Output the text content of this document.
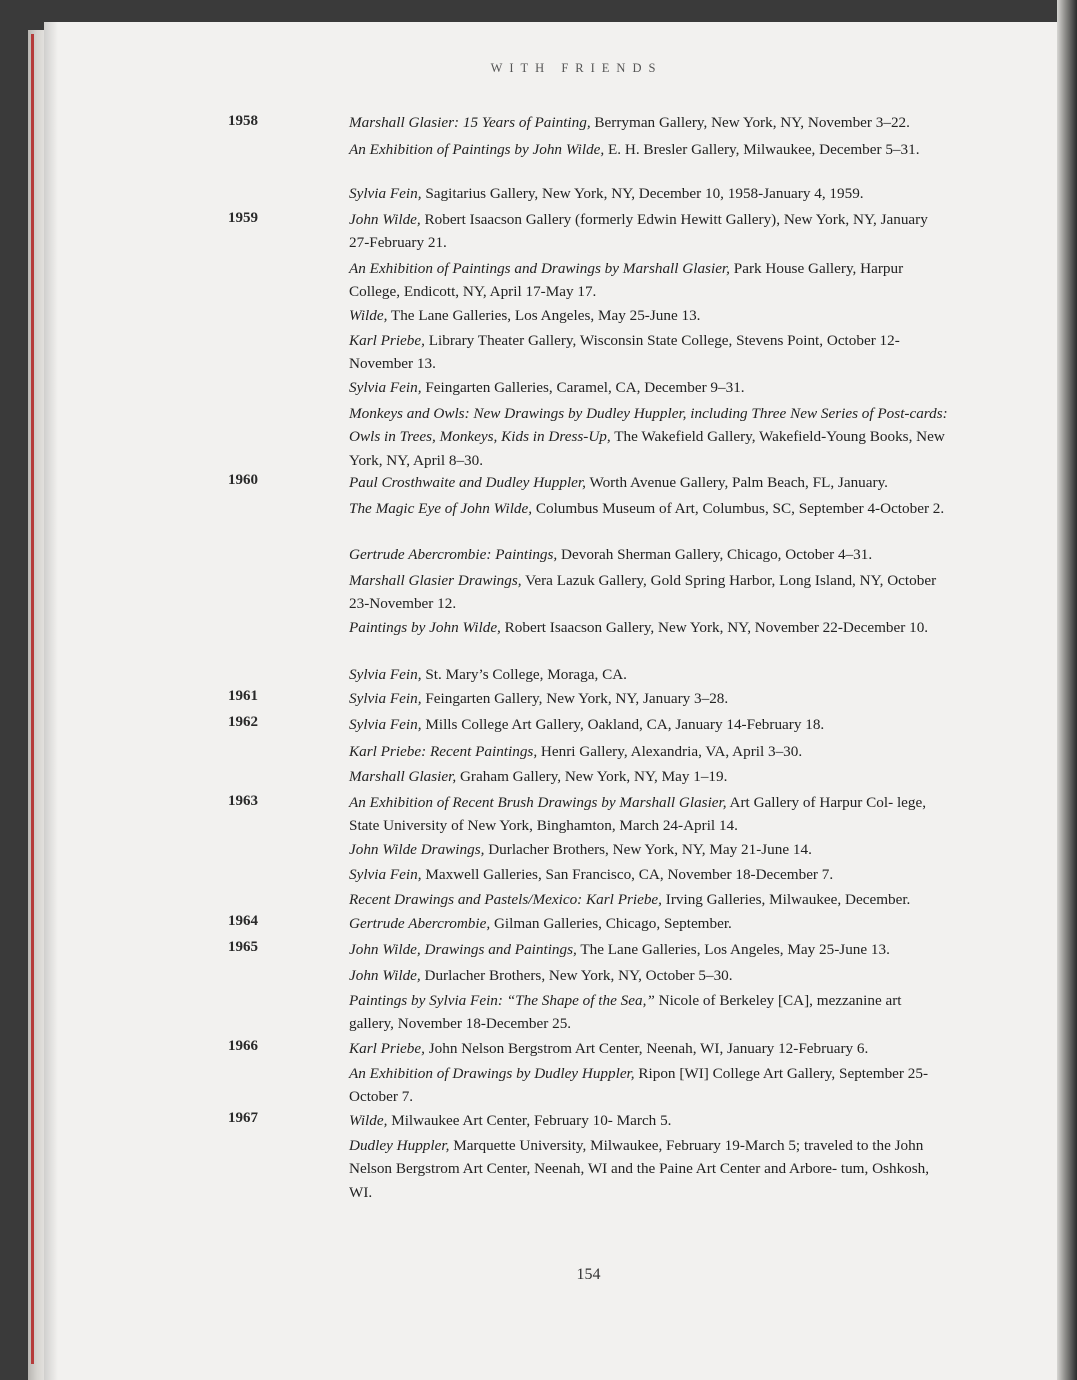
WITH FRIENDS
1958
1959
1960
1961
1962
1963
1964
1965
1966
1967
Marshall Glasier: 15 Years of Painting, Berryman Gallery, New York, NY, November 3–22.
An Exhibition of Paintings by John Wilde, E. H. Bresler Gallery, Milwaukee, December 5–31.
Sylvia Fein, Sagitarius Gallery, New York, NY, December 10, 1958-January 4, 1959.
John Wilde, Robert Isaacson Gallery (formerly Edwin Hewitt Gallery), New York, NY, January 27-February 21.
An Exhibition of Paintings and Drawings by Marshall Glasier, Park House Gallery, Harpur College, Endicott, NY, April 17-May 17.
Wilde, The Lane Galleries, Los Angeles, May 25-June 13.
Karl Priebe, Library Theater Gallery, Wisconsin State College, Stevens Point, October 12-November 13.
Sylvia Fein, Feingarten Galleries, Caramel, CA, December 9–31.
Monkeys and Owls: New Drawings by Dudley Huppler, including Three New Series of Post-cards: Owls in Trees, Monkeys, Kids in Dress-Up, The Wakefield Gallery, Wakefield-Young Books, New York, NY, April 8–30.
Paul Crosthwaite and Dudley Huppler, Worth Avenue Gallery, Palm Beach, FL, January.
The Magic Eye of John Wilde, Columbus Museum of Art, Columbus, SC, September 4-October 2.
Gertrude Abercrombie: Paintings, Devorah Sherman Gallery, Chicago, October 4–31.
Marshall Glasier Drawings, Vera Lazuk Gallery, Gold Spring Harbor, Long Island, NY, October 23-November 12.
Paintings by John Wilde, Robert Isaacson Gallery, New York, NY, November 22-December 10.
Sylvia Fein, St. Mary’s College, Moraga, CA.
Sylvia Fein, Feingarten Gallery, New York, NY, January 3–28.
Sylvia Fein, Mills College Art Gallery, Oakland, CA, January 14-February 18.
Karl Priebe: Recent Paintings, Henri Gallery, Alexandria, VA, April 3–30.
Marshall Glasier, Graham Gallery, New York, NY, May 1–19.
An Exhibition of Recent Brush Drawings by Marshall Glasier, Art Gallery of Harpur Col- lege, State University of New York, Binghamton, March 24-April 14.
John Wilde Drawings, Durlacher Brothers, New York, NY, May 21-June 14.
Sylvia Fein, Maxwell Galleries, San Francisco, CA, November 18-December 7.
Recent Drawings and Pastels/Mexico: Karl Priebe, Irving Galleries, Milwaukee, December.
Gertrude Abercrombie, Gilman Galleries, Chicago, September.
John Wilde, Drawings and Paintings, The Lane Galleries, Los Angeles, May 25-June 13.
John Wilde, Durlacher Brothers, New York, NY, October 5–30.
Paintings by Sylvia Fein: “The Shape of the Sea,” Nicole of Berkeley [CA], mezzanine art gallery, November 18-December 25.
Karl Priebe, John Nelson Bergstrom Art Center, Neenah, WI, January 12-February 6.
An Exhibition of Drawings by Dudley Huppler, Ripon [WI] College Art Gallery, September 25-October 7.
Wilde, Milwaukee Art Center, February 10- March 5.
Dudley Huppler, Marquette University, Milwaukee, February 19-March 5; traveled to the John Nelson Bergstrom Art Center, Neenah, WI and the Paine Art Center and Arbore- tum, Oshkosh, WI.
154
